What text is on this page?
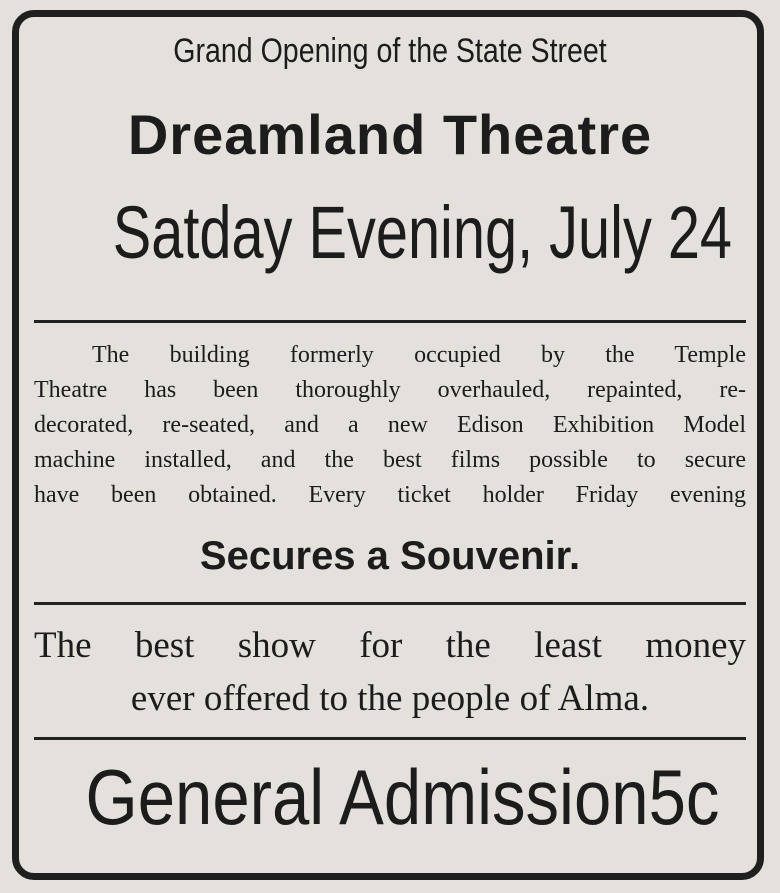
Grand Opening of the State Street
Dreamland Theatre
Satday Evening, July 24
The building formerly occupied by the Temple
Theatre has been thoroughly overhauled, repainted, re-
decorated, re-seated, and a new Edison Exhibition Model
machine installed, and the best films possible to secure
have been obtained. Every ticket holder Friday evening
Secures a Souvenir.
The best show for the least money
ever offered to the people of Alma.
General Admission 5c
